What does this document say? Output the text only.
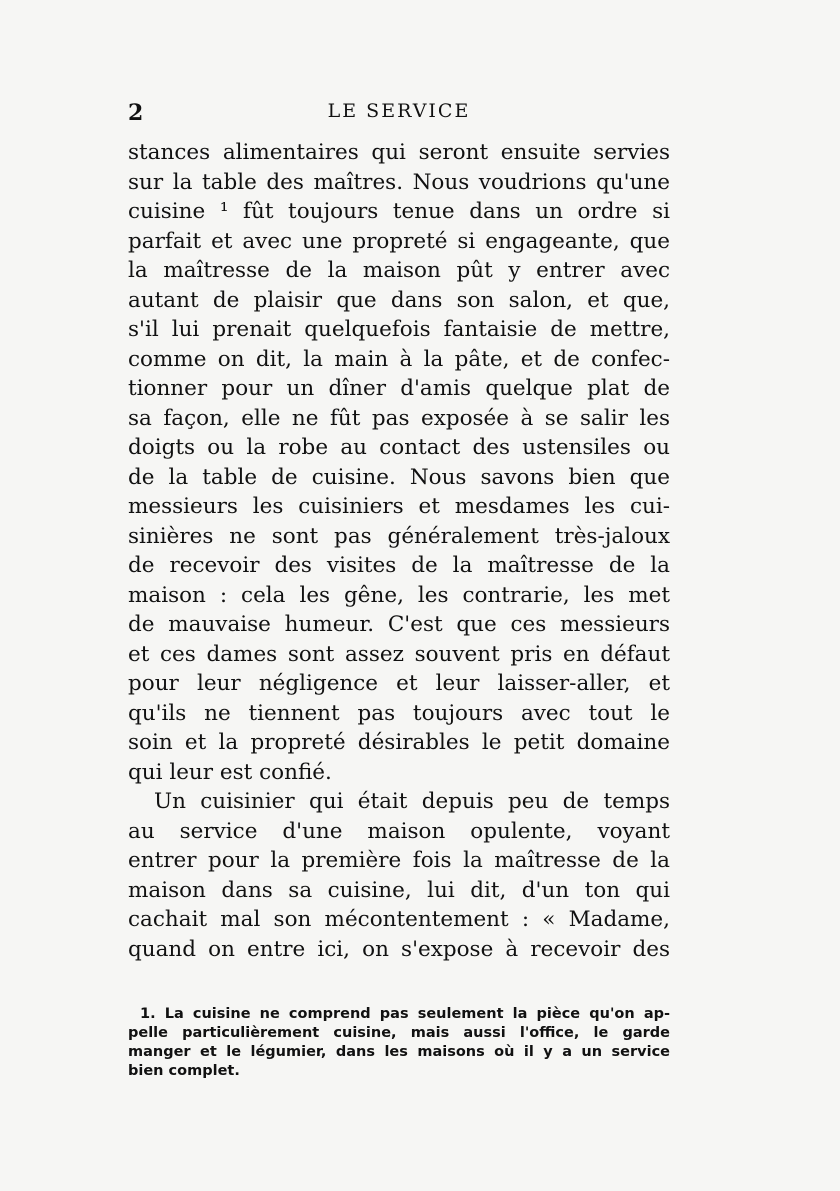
2	LE SERVICE
stances alimentaires qui seront ensuite servies
sur la table des maîtres. Nous voudrions qu'une
cuisine ¹ fût toujours tenue dans un ordre si
parfait et avec une propreté si engageante, que
la maîtresse de la maison pût y entrer avec
autant de plaisir que dans son salon, et que,
s'il lui prenait quelquefois fantaisie de mettre,
comme on dit, la main à la pâte, et de confec-
tionner pour un dîner d'amis quelque plat de
sa façon, elle ne fût pas exposée à se salir les
doigts ou la robe au contact des ustensiles ou
de la table de cuisine. Nous savons bien que
messieurs les cuisiniers et mesdames les cui-
sinières ne sont pas généralement très-jaloux
de recevoir des visites de la maîtresse de la
maison : cela les gêne, les contrarie, les met
de mauvaise humeur. C'est que ces messieurs
et ces dames sont assez souvent pris en défaut
pour leur négligence et leur laisser-aller, et
qu'ils ne tiennent pas toujours avec tout le
soin et la propreté désirables le petit domaine
qui leur est confié.
Un cuisinier qui était depuis peu de temps
au service d'une maison opulente, voyant
entrer pour la première fois la maîtresse de la
maison dans sa cuisine, lui dit, d'un ton qui
cachait mal son mécontentement : « Madame,
quand on entre ici, on s'expose à recevoir des
1. La cuisine ne comprend pas seulement la pièce qu'on ap-
pelle particulièrement cuisine, mais aussi l'office, le garde
manger et le légumier, dans les maisons où il y a un service
bien complet.
